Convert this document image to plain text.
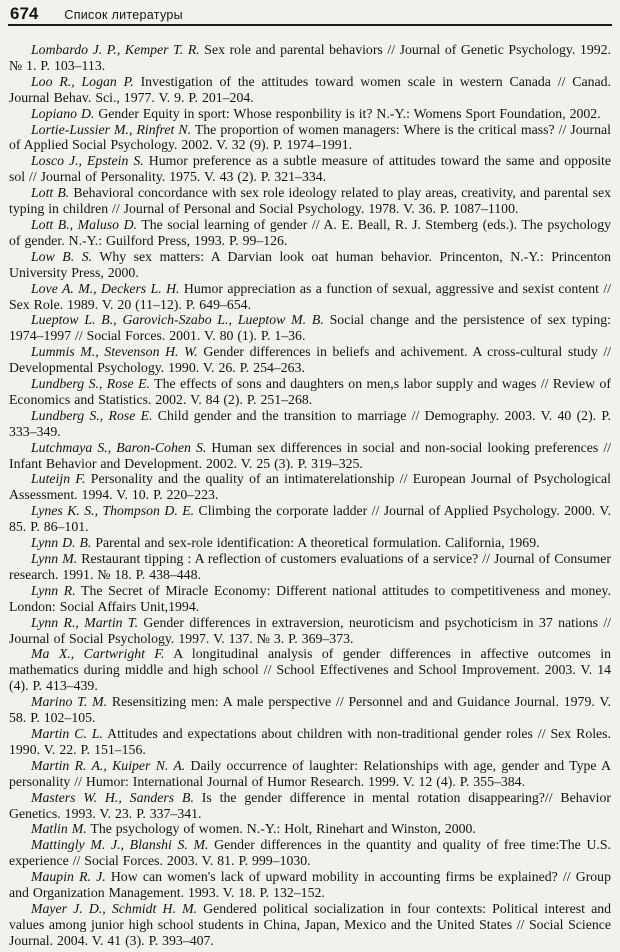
674 Список литературы

Lombardo J. P., Kemper T. R. Sex role and parental behaviors // Journal of Genetic Psychology. 1992. № 1. P. 103–113.

Loo R., Logan P. Investigation of the attitudes toward women scale in western Canada // Canad. Journal Behav. Sci., 1977. V. 9. P. 201–204.

Lopiano D. Gender Equity in sport: Whose responbility is it? N.-Y.: Womens Sport Foundation, 2002.

Lortie-Lussier M., Rinfret N. The proportion of women managers: Where is the critical mass? // Journal of Applied Social Psychology. 2002. V. 32 (9). P. 1974–1991.

Losco J., Epstein S. Humor preference as a subtle measure of attitudes toward the same and opposite sol // Journal of Personality. 1975. V. 43 (2). P. 321–334.

Lott B. Behavioral concordance with sex role ideology related to play areas, creativity, and parental sex typing in children // Journal of Personal and Social Psychology. 1978. V. 36. P. 1087–1100.

Lott B., Maluso D. The social learning of gender // A. E. Beall, R. J. Stemberg (eds.). The psychology of gender. N.-Y.: Guilford Press, 1993. P. 99–126.

Low B. S. Why sex matters: A Darvian look oat human behavior. Princenton, N.-Y.: Princenton University Press, 2000.

Love A. M., Deckers L. H. Humor appreciation as a function of sexual, aggressive and sexist content // Sex Role. 1989. V. 20 (11–12). P. 649–654.

Lueptow L. B., Garovich-Szabo L., Lueptow M. B. Social change and the persistence of sex typing: 1974–1997 // Social Forces. 2001. V. 80 (1). P. 1–36.

Lummis M., Stevenson H. W. Gender differences in beliefs and achivement. A cross-cultural study // Developmental Psychology. 1990. V. 26. P. 254–263.

Lundberg S., Rose E. The effects of sons and daughters on men,s labor supply and wages // Review of Economics and Statistics. 2002. V. 84 (2). P. 251–268.

Lundberg S., Rose E. Child gender and the transition to marriage // Demography. 2003. V. 40 (2). P. 333–349.

Lutchmaya S., Baron-Cohen S. Human sex differences in social and non-social looking preferences // Infant Behavior and Development. 2002. V. 25 (3). P. 319–325.

Luteijn F. Personality and the quality of an intimaterelationship // European Journal of Psychological Assessment. 1994. V. 10. P. 220–223.

Lynes K. S., Thompson D. E. Climbing the corporate ladder // Journal of Applied Psychology. 2000. V. 85. P. 86–101.

Lynn D. B. Parental and sex-role identification: A theoretical formulation. California, 1969.

Lynn M. Restaurant tipping : A reflection of customers evaluations of a service? // Journal of Consumer research. 1991. № 18. P. 438–448.

Lynn R. The Secret of Miracle Economy: Different national attitudes to competitiveness and money. London: Social Affairs Unit,1994.

Lynn R., Martin T. Gender differences in extraversion, neuroticism and psychoticism in 37 nations // Journal of Social Psychology. 1997. V. 137. № 3. P. 369–373.

Ma X., Cartwright F. A longitudinal analysis of gender differences in affective outcomes in mathematics during middle and high school // School Effectivenes and School Improvement. 2003. V. 14 (4). P. 413–439.

Marino T. M. Resensitizing men: A male perspective // Personnel and and Guidance Journal. 1979. V. 58. P. 102–105.

Martin C. L. Attitudes and expectations about children with non-traditional gender roles // Sex Roles. 1990. V. 22. P. 151–156.

Martin R. A., Kuiper N. A. Daily occurrence of laughter: Relationships with age, gender and Type A personality // Humor: International Journal of Humor Research. 1999. V. 12 (4). P. 355–384.

Masters W. H., Sanders B. Is the gender difference in mental rotation disappearing?// Behavior Genetics. 1993. V. 23. P. 337–341.

Matlin M. The psychology of women. N.-Y.: Holt, Rinehart and Winston, 2000.

Mattingly M. J., Blanshi S. M. Gender differences in the quantity and quality of free time:The U.S. experience // Social Forces. 2003. V. 81. P. 999–1030.

Maupin R. J. How can women's lack of upward mobility in accounting firms be explained? // Group and Organization Management. 1993. V. 18. P. 132–152.

Mayer J. D., Schmidt H. M. Gendered political socialization in four contexts: Political interest and values among junior high school students in China, Japan, Mexico and the United States // Social Science Journal. 2004. V. 41 (3). P. 393–407.
